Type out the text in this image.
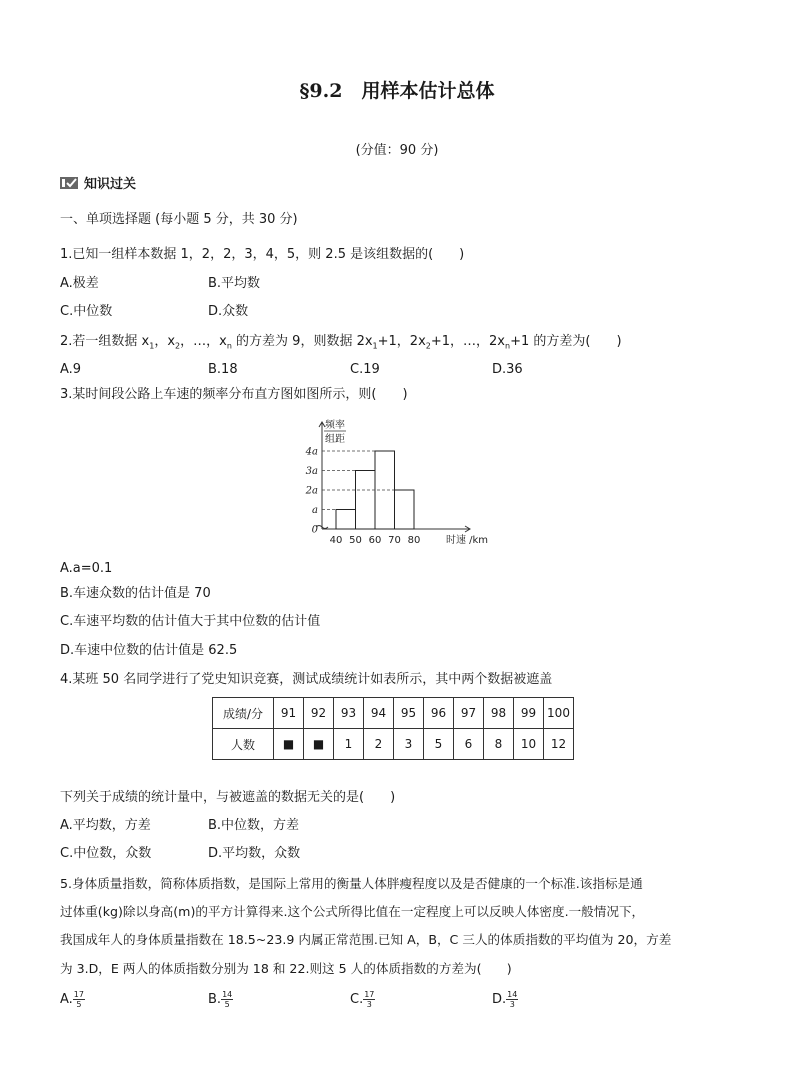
§9.2　用样本估计总体
(分值：90 分)
知识过关
一、单项选择题 (每小题 5 分，共 30 分)
1.已知一组样本数据 1，2，2，3，4，5，则 2.5 是该组数据的(　　)
A.极差	B.平均数
C.中位数	D.众数
2.若一组数据 $x_1$，$x_2$，…，$x_n$ 的方差为 9，则数据 $2x_1+1$，$2x_2+1$，…，$2x_n+1$ 的方差为(　　)
A.9	B.18	C.19	D.36
3.某时间段公路上车速的频率分布直方图如图所示，则(　　)
频率
组距
0
a
2a
3a
4a
40 50 60 70 80	时速 /km
A.a=0.1
B.车速众数的估计值是 70
C.车速平均数的估计值大于其中位数的估计值
D.车速中位数的估计值是 62.5
4.某班 50 名同学进行了党史知识竞赛，测试成绩统计如表所示，其中两个数据被遮盖
成绩/分	91	92	93	94	95	96	97	98	99	100
人数	■	■	1	2	3	5	6	8	10	12
下列关于成绩的统计量中，与被遮盖的数据无关的是(　　)
A.平均数，方差	B.中位数，方差
C.中位数，众数	D.平均数，众数
5.身体质量指数，简称体质指数，是国际上常用的衡量人体胖瘦程度以及是否健康的一个标准.该指标是通
过体重(kg)除以身高(m)的平方计算得来.这个公式所得比值在一定程度上可以反映人体密度.一般情况下，
我国成年人的身体质量指数在 18.5~23.9 内属正常范围.已知 A，B，C 三人的体质指数的平均值为 20，方差
为 3.D，E 两人的体质指数分别为 18 和 22.则这 5 人的体质指数的方差为(　　)
A. $\frac{17}{5}$	B. $\frac{14}{5}$	C. $\frac{17}{3}$	D. $\frac{14}{3}$
